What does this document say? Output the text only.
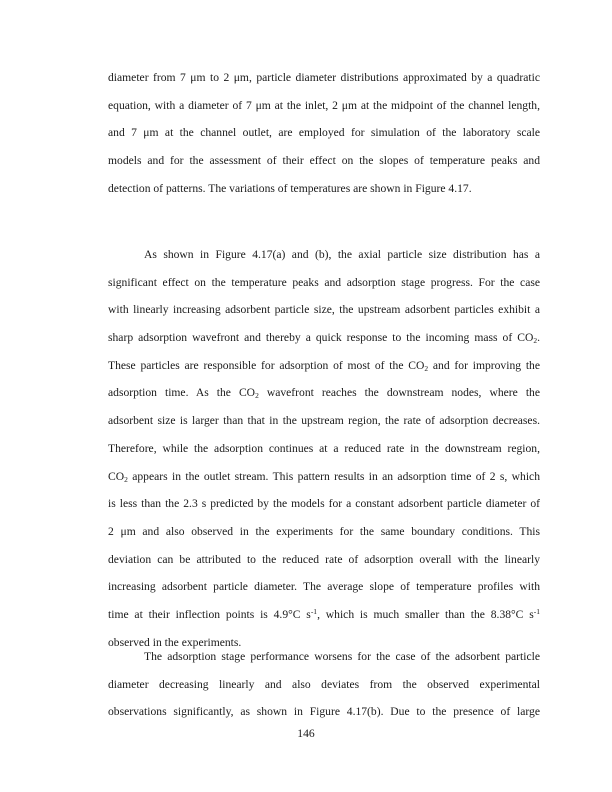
diameter from 7 μm to 2 μm, particle diameter distributions approximated by a quadratic
equation, with a diameter of 7 μm at the inlet, 2 μm at the midpoint of the channel length,
and 7 μm at the channel outlet, are employed for simulation of the laboratory scale
models and for the assessment of their effect on the slopes of temperature peaks and
detection of patterns. The variations of temperatures are shown in Figure 4.17.
As shown in Figure 4.17(a) and (b), the axial particle size distribution has a
significant effect on the temperature peaks and adsorption stage progress. For the case
with linearly increasing adsorbent particle size, the upstream adsorbent particles exhibit a
sharp adsorption wavefront and thereby a quick response to the incoming mass of $CO_2$.
These particles are responsible for adsorption of most of the $CO_2$ and for improving the
adsorption time. As the $CO_2$ wavefront reaches the downstream nodes, where the
adsorbent size is larger than that in the upstream region, the rate of adsorption decreases.
Therefore, while the adsorption continues at a reduced rate in the downstream region,
$CO_2$ appears in the outlet stream. This pattern results in an adsorption time of 2 s, which
is less than the 2.3 s predicted by the models for a constant adsorbent particle diameter of
2 μm and also observed in the experiments for the same boundary conditions. This
deviation can be attributed to the reduced rate of adsorption overall with the linearly
increasing adsorbent particle diameter. The average slope of temperature profiles with
time at their inflection points is 4.9°C $s^{-1}$, which is much smaller than the 8.38°C $s^{-1}$
observed in the experiments.
The adsorption stage performance worsens for the case of the adsorbent particle
diameter decreasing linearly and also deviates from the observed experimental
observations significantly, as shown in Figure 4.17(b). Due to the presence of large
146
